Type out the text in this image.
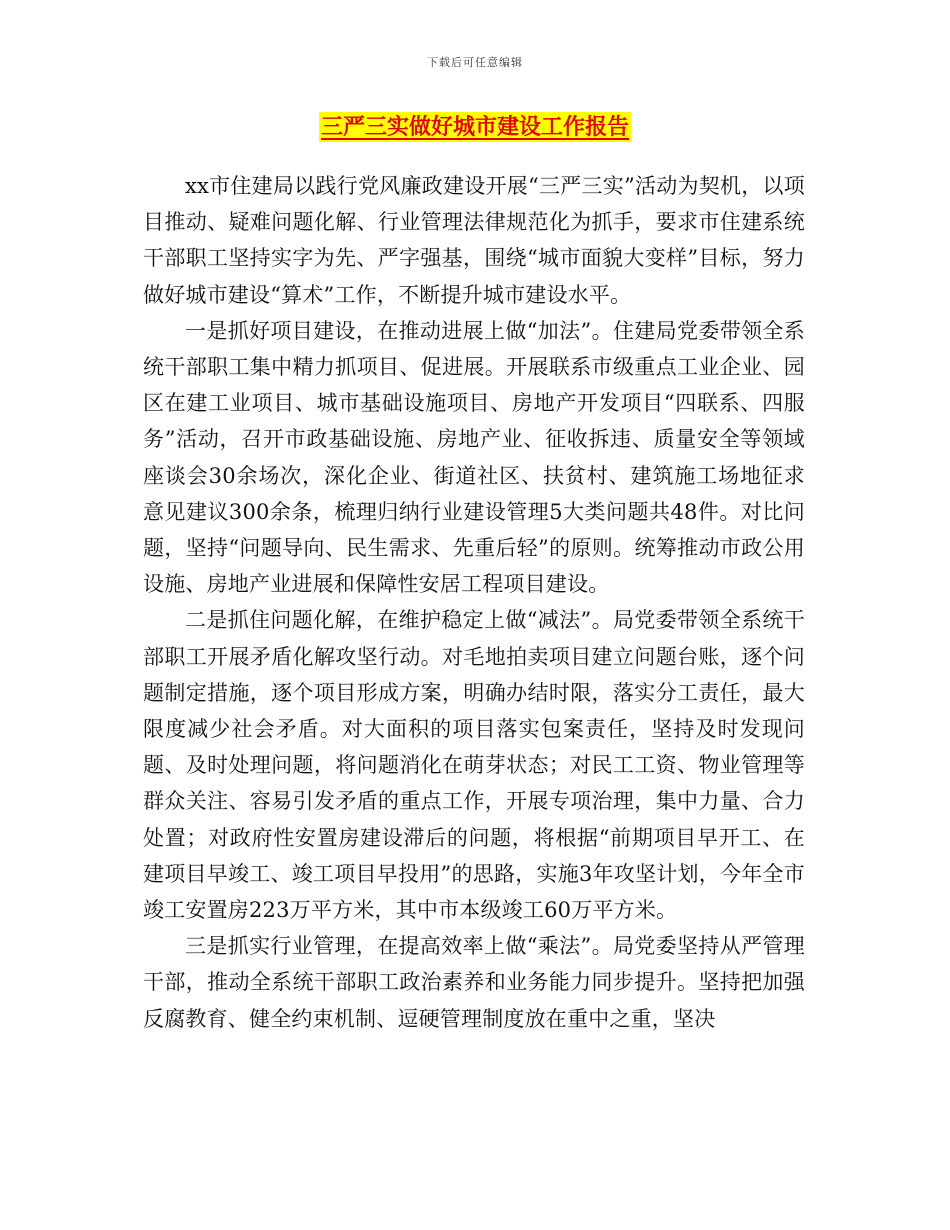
下载后可任意编辑
三严三实做好城市建设工作报告

xx市住建局以践行党风廉政建设开展“三严三实”活动为契机，以项目推动、疑难问题化解、行业管理法律规范化为抓手，要求市住建系统干部职工坚持实字为先、严字强基，围绕“城市面貌大变样”目标，努力做好城市建设“算术”工作，不断提升城市建设水平。

一是抓好项目建设，在推动进展上做“加法”。住建局党委带领全系统干部职工集中精力抓项目、促进展。开展联系市级重点工业企业、园区在建工业项目、城市基础设施项目、房地产开发项目“四联系、四服务”活动，召开市政基础设施、房地产业、征收拆违、质量安全等领域座谈会30余场次，深化企业、街道社区、扶贫村、建筑施工场地征求意见建议300余条，梳理归纳行业建设管理5大类问题共48件。对比问题，坚持“问题导向、民生需求、先重后轻”的原则。统筹推动市政公用设施、房地产业进展和保障性安居工程项目建设。

二是抓住问题化解，在维护稳定上做“减法”。局党委带领全系统干部职工开展矛盾化解攻坚行动。对毛地拍卖项目建立问题台账，逐个问题制定措施，逐个项目形成方案，明确办结时限，落实分工责任，最大限度减少社会矛盾。对大面积的项目落实包案责任，坚持及时发现问题、及时处理问题，将问题消化在萌芽状态；对民工工资、物业管理等群众关注、容易引发矛盾的重点工作，开展专项治理，集中力量、合力处置；对政府性安置房建设滞后的问题，将根据“前期项目早开工、在建项目早竣工、竣工项目早投用”的思路，实施3年攻坚计划，今年全市竣工安置房223万平方米，其中市本级竣工60万平方米。

三是抓实行业管理，在提高效率上做“乘法”。局党委坚持从严管理干部，推动全系统干部职工政治素养和业务能力同步提升。坚持把加强反腐教育、健全约束机制、逗硬管理制度放在重中之重，坚决
